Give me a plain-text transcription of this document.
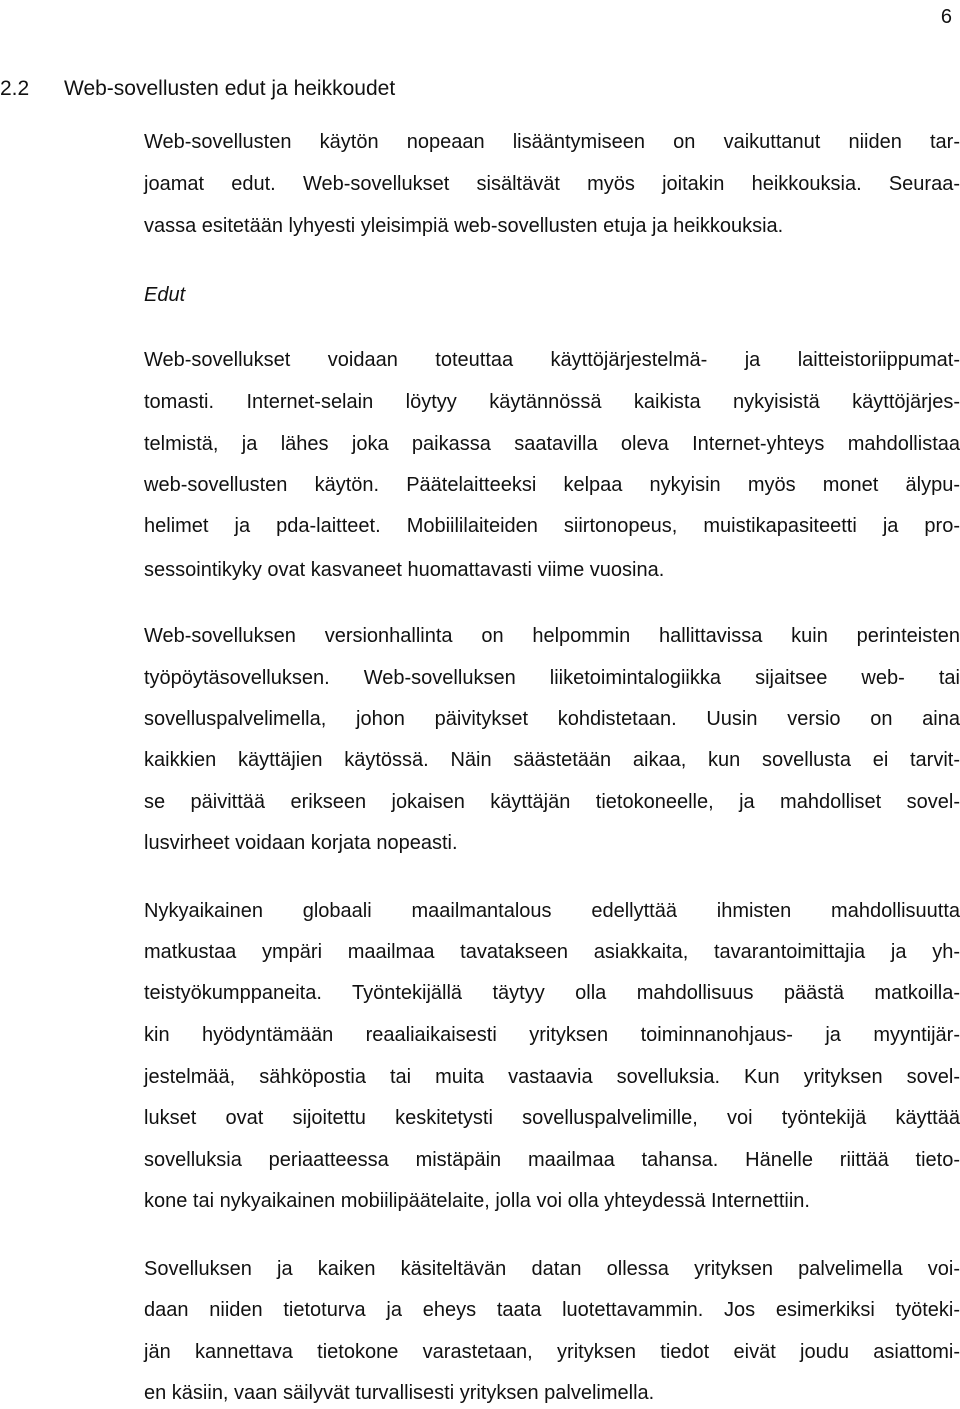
6
2.2 Web-sovellusten edut ja heikkoudet
Web-sovellusten käytön nopeaan lisääntymiseen on vaikuttanut niiden tar-
joamat edut. Web-sovellukset sisältävät myös joitakin heikkouksia. Seuraa-
vassa esitetään lyhyesti yleisimpiä web-sovellusten etuja ja heikkouksia.
Edut
Web-sovellukset voidaan toteuttaa käyttöjärjestelmä- ja laitteistoriippumat-
tomasti. Internet-selain löytyy käytännössä kaikista nykyisistä käyttöjärjes-
telmistä, ja lähes joka paikassa saatavilla oleva Internet-yhteys mahdollistaa
web-sovellusten käytön. Päätelaitteeksi kelpaa nykyisin myös monet älypu-
helimet ja pda-laitteet. Mobiililaiteiden siirtonopeus, muistikapasiteetti ja pro-
sessointikyky ovat kasvaneet huomattavasti viime vuosina.
Web-sovelluksen versionhallinta on helpommin hallittavissa kuin perinteisten
työpöytäsovelluksen. Web-sovelluksen liiketoimintalogiikka sijaitsee web- tai
sovelluspalvelimella, johon päivitykset kohdistetaan. Uusin versio on aina
kaikkien käyttäjien käytössä. Näin säästetään aikaa, kun sovellusta ei tarvit-
se päivittää erikseen jokaisen käyttäjän tietokoneelle, ja mahdolliset sovel-
lusvirheet voidaan korjata nopeasti.
Nykyaikainen globaali maailmantalous edellyttää ihmisten mahdollisuutta
matkustaa ympäri maailmaa tavatakseen asiakkaita, tavarantoimittajia ja yh-
teistyökumppaneita. Työntekijällä täytyy olla mahdollisuus päästä matkoilla-
kin hyödyntämään reaaliaikaisesti yrityksen toiminnanohjaus- ja myyntijär-
jestelmää, sähköpostia tai muita vastaavia sovelluksia. Kun yrityksen sovel-
lukset ovat sijoitettu keskitetysti sovelluspalvelimille, voi työntekijä käyttää
sovelluksia periaatteessa mistäpäin maailmaa tahansa. Hänelle riittää tieto-
kone tai nykyaikainen mobiilipäätelaite, jolla voi olla yhteydessä Internettiin.
Sovelluksen ja kaiken käsiteltävän datan ollessa yrityksen palvelimella voi-
daan niiden tietoturva ja eheys taata luotettavammin. Jos esimerkiksi työteki-
jän kannettava tietokone varastetaan, yrityksen tiedot eivät joudu asiattomi-
en käsiin, vaan säilyvät turvallisesti yrityksen palvelimella.
